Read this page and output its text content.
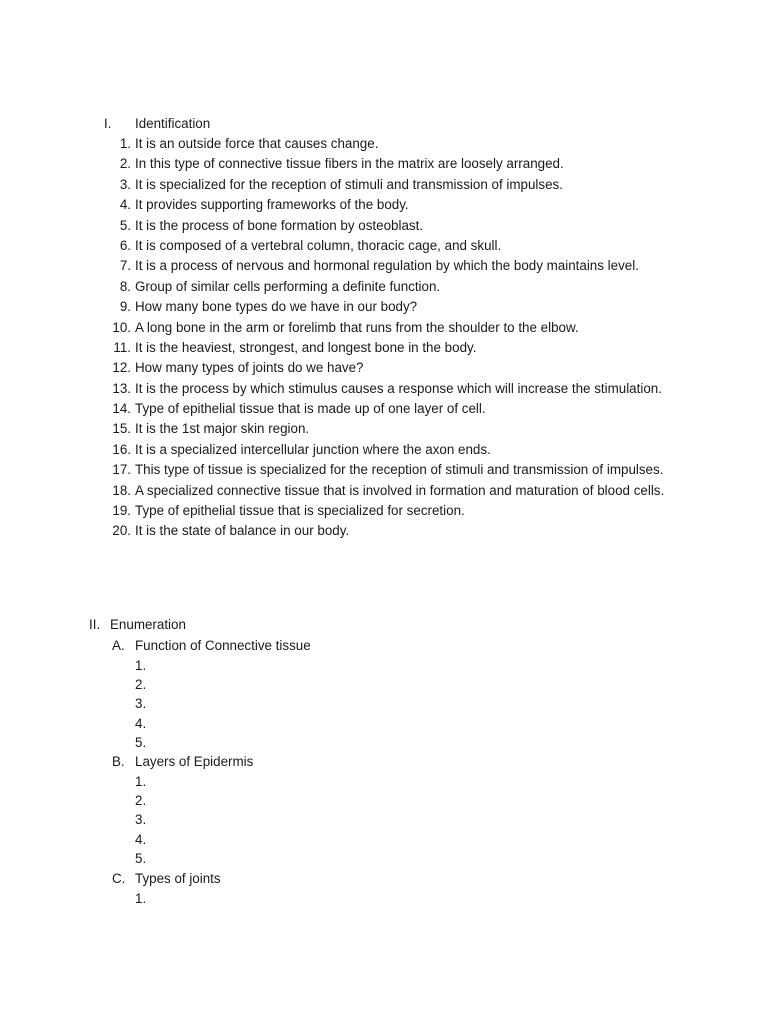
I. Identification
1. It is an outside force that causes change.
2. In this type of connective tissue fibers in the matrix are loosely arranged.
3. It is specialized for the reception of stimuli and transmission of impulses.
4. It provides supporting frameworks of the body.
5. It is the process of bone formation by osteoblast.
6. It is composed of a vertebral column, thoracic cage, and skull.
7. It is a process of nervous and hormonal regulation by which the body maintains level.
8. Group of similar cells performing a definite function.
9. How many bone types do we have in our body?
10. A long bone in the arm or forelimb that runs from the shoulder to the elbow.
11. It is the heaviest, strongest, and longest bone in the body.
12. How many types of joints do we have?
13. It is the process by which stimulus causes a response which will increase the stimulation.
14. Type of epithelial tissue that is made up of one layer of cell.
15. It is the 1st major skin region.
16. It is a specialized intercellular junction where the axon ends.
17. This type of tissue is specialized for the reception of stimuli and transmission of impulses.
18. A specialized connective tissue that is involved in formation and maturation of blood cells.
19. Type of epithelial tissue that is specialized for secretion.
20. It is the state of balance in our body.
II. Enumeration
A. Function of Connective tissue
1.
2.
3.
4.
5.
B. Layers of Epidermis
1.
2.
3.
4.
5.
C. Types of joints
1.
